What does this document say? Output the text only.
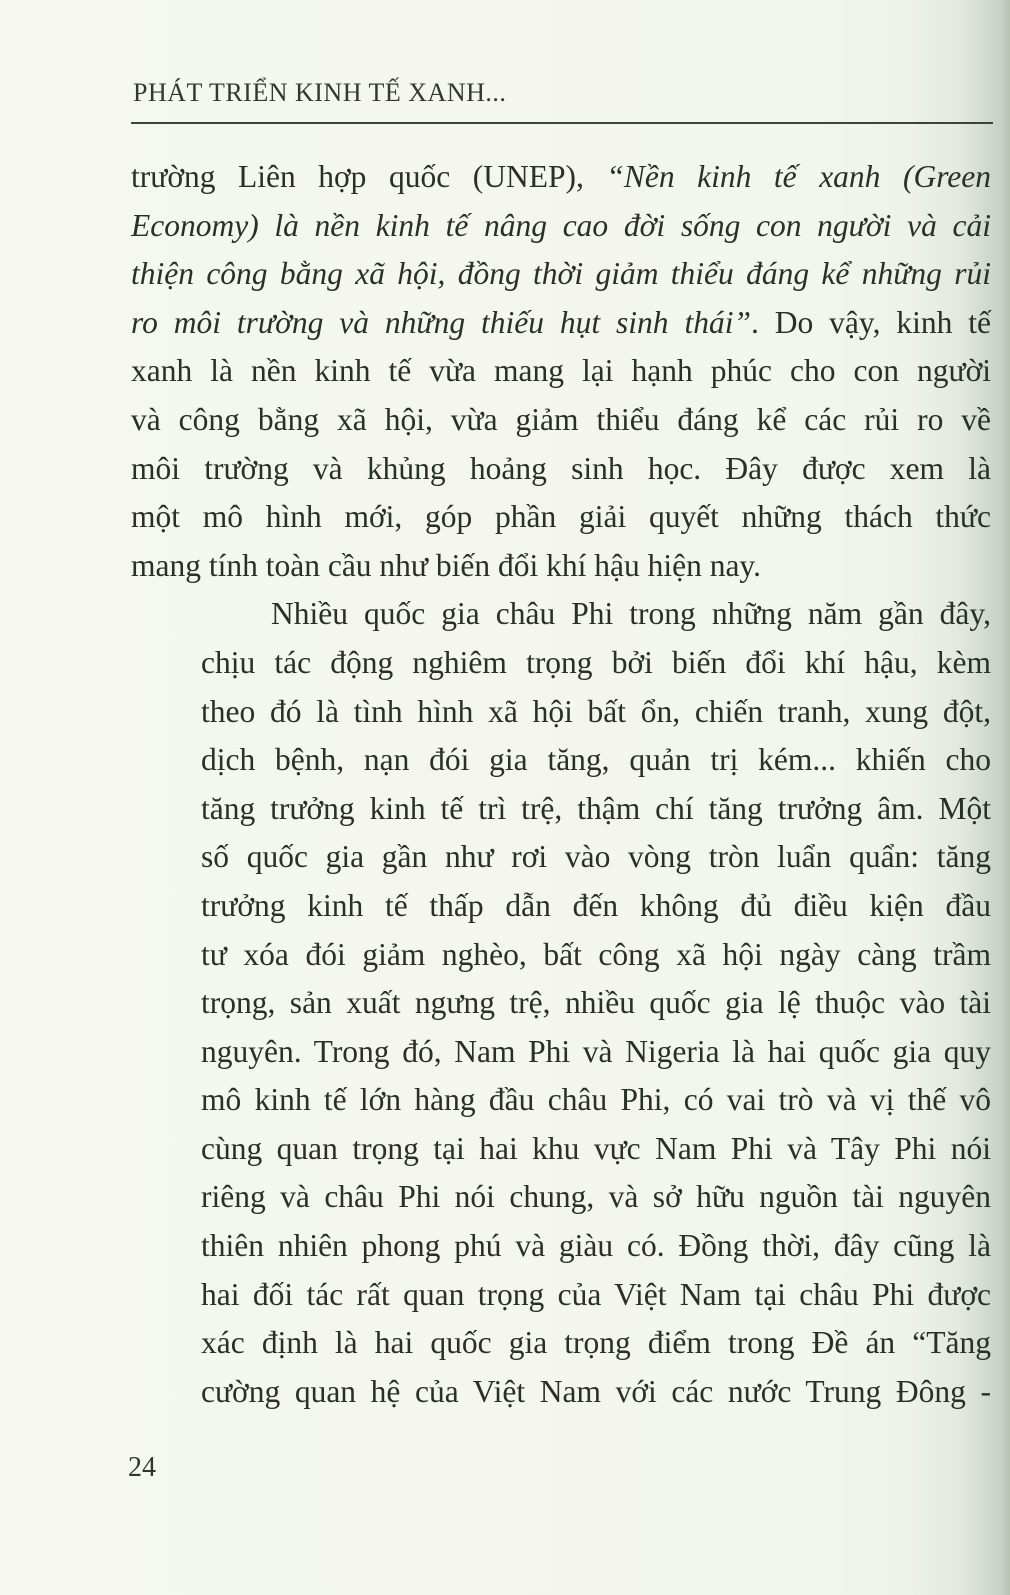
PHÁT TRIỂN KINH TẾ XANH...

trường Liên hợp quốc (UNEP), “Nền kinh tế xanh (Green
Economy) là nền kinh tế nâng cao đời sống con người và cải
thiện công bằng xã hội, đồng thời giảm thiểu đáng kể những rủi
ro môi trường và những thiếu hụt sinh thái”. Do vậy, kinh tế
xanh là nền kinh tế vừa mang lại hạnh phúc cho con người
và công bằng xã hội, vừa giảm thiểu đáng kể các rủi ro về
môi trường và khủng hoảng sinh học. Đây được xem là
một mô hình mới, góp phần giải quyết những thách thức
mang tính toàn cầu như biến đổi khí hậu hiện nay.

Nhiều quốc gia châu Phi trong những năm gần đây,
chịu tác động nghiêm trọng bởi biến đổi khí hậu, kèm
theo đó là tình hình xã hội bất ổn, chiến tranh, xung đột,
dịch bệnh, nạn đói gia tăng, quản trị kém... khiến cho
tăng trưởng kinh tế trì trệ, thậm chí tăng trưởng âm. Một
số quốc gia gần như rơi vào vòng tròn luẩn quẩn: tăng
trưởng kinh tế thấp dẫn đến không đủ điều kiện đầu
tư xóa đói giảm nghèo, bất công xã hội ngày càng trầm
trọng, sản xuất ngưng trệ, nhiều quốc gia lệ thuộc vào tài
nguyên. Trong đó, Nam Phi và Nigeria là hai quốc gia quy
mô kinh tế lớn hàng đầu châu Phi, có vai trò và vị thế vô
cùng quan trọng tại hai khu vực Nam Phi và Tây Phi nói
riêng và châu Phi nói chung, và sở hữu nguồn tài nguyên
thiên nhiên phong phú và giàu có. Đồng thời, đây cũng là
hai đối tác rất quan trọng của Việt Nam tại châu Phi được
xác định là hai quốc gia trọng điểm trong Đề án “Tăng
cường quan hệ của Việt Nam với các nước Trung Đông -

24
